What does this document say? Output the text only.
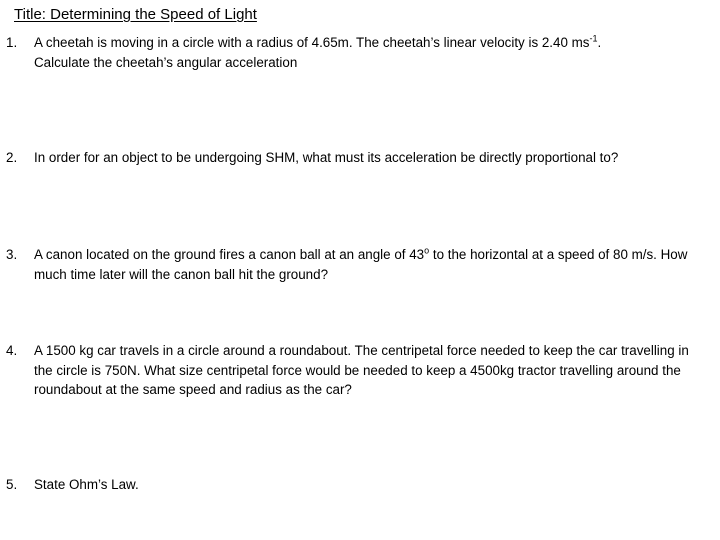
Title: Determining the Speed of Light
1.	A cheetah is moving in a circle with a radius of 4.65m. The cheetah’s linear velocity is 2.40 $ms^{-1}$.
Calculate the cheetah’s angular acceleration
2.	In order for an object to be undergoing SHM, what must its acceleration be directly proportional to?
3.	A canon located on the ground fires a canon ball at an angle of 43$^o$ to the horizontal at a speed of 80 m/s. How much time later will the canon ball hit the ground?
4.	A 1500 kg car travels in a circle around a roundabout. The centripetal force needed to keep the car travelling in the circle is 750N. What size centripetal force would be needed to keep a 4500kg tractor travelling around the roundabout at the same speed and radius as the car?
5.	State Ohm’s Law.
